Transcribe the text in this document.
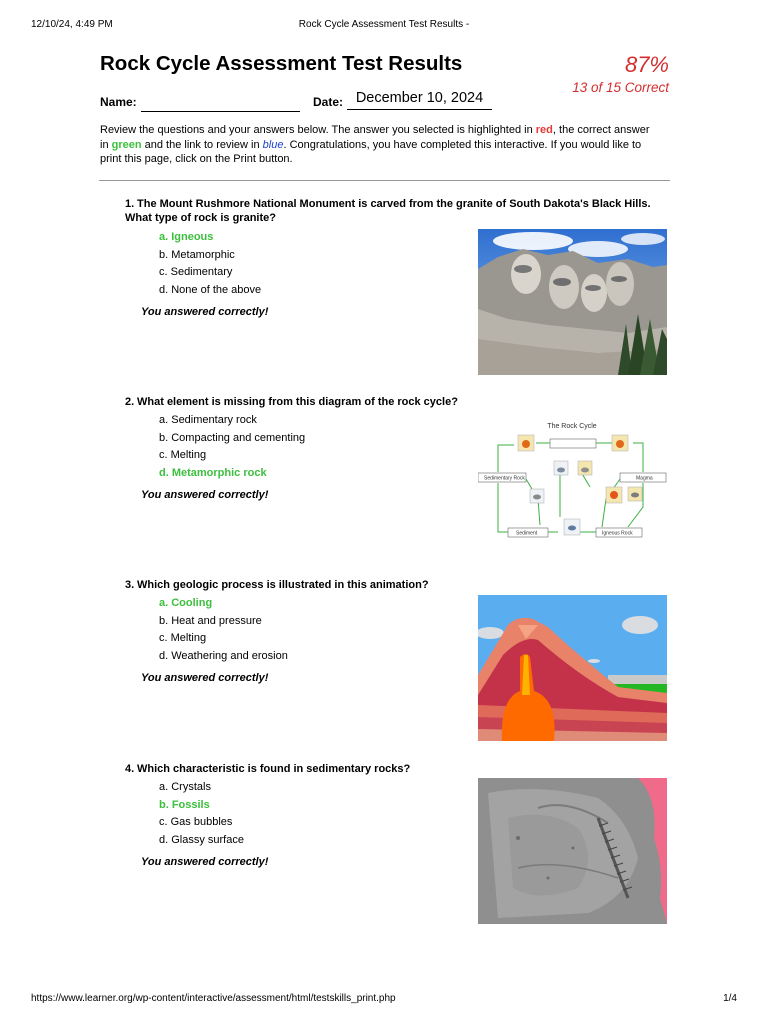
12/10/24, 4:49 PM	Rock Cycle Assessment Test Results -
Rock Cycle Assessment Test Results	87%
13 of 15 Correct
Name:	Date: December 10, 2024
Review the questions and your answers below. The answer you selected is highlighted in red, the correct answer in green and the link to review in blue. Congratulations, you have completed this interactive. If you would like to print this page, click on the Print button.
1. The Mount Rushmore National Monument is carved from the granite of South Dakota's Black Hills. What type of rock is granite?
a. Igneous
b. Metamorphic
c. Sedimentary
d. None of the above
You answered correctly!
2. What element is missing from this diagram of the rock cycle?
a. Sedimentary rock
b. Compacting and cementing
c. Melting
d. Metamorphic rock
You answered correctly!
The Rock Cycle
Sedimentary Rock	Magma
Sediment	Igneous Rock
3. Which geologic process is illustrated in this animation?
a. Cooling
b. Heat and pressure
c. Melting
d. Weathering and erosion
You answered correctly!
4. Which characteristic is found in sedimentary rocks?
a. Crystals
b. Fossils
c. Gas bubbles
d. Glassy surface
You answered correctly!
https://www.learner.org/wp-content/interactive/assessment/html/testskills_print.php	1/4
